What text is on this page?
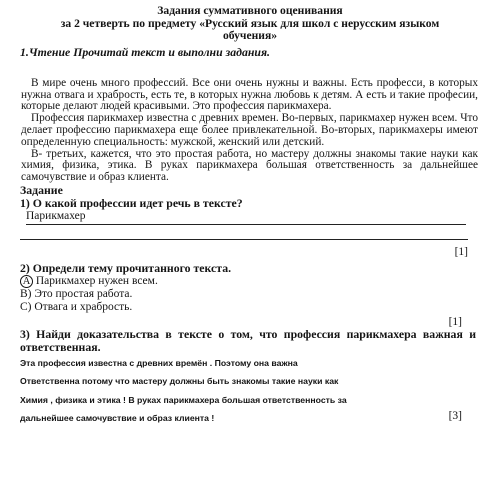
Задания суммативного оценивания
за 2 четверть по предмету «Русский язык для школ с нерусским языком
обучения»
1.Чтение Прочитай текст и выполни задания.
В мире очень много профессий. Все они очень нужны и важны. Есть професси, в которых нужна отвага и храбрость, есть те, в которых нужна любовь к детям. А есть и такие професии, которые делают людей красивыми. Это профессия парикмахера.
Профессия парикмахер известна с древних времен. Во-первых, парикмахер нужен всем. Что делает профессию парикмахера еще более привлекательной. Во-вторых, парикмахеры имеют определенную специальность: мужской, женский или детский.
В- третьих, кажется, что это простая работа, но мастеру должны знакомы такие науки как химия, физика, этика. В руках парикмахера большая ответственность за дальнейшее самочувствие и образ клиента.
Задание
1) О какой профессии идет речь в тексте?
Парикмахер
[1]
2) Определи тему прочитанного текста.
A Парикмахер нужен всем.
B) Это простая работа.
C) Отвага и храбрость.
[1]
3) Найди доказательства в тексте о том, что профессия парикмахера важная и ответственная.
Эта профессия известна с древних времён . Поэтому она важна
Ответственна потому что мастеру должны быть знакомы такие науки как
Химия , физика и этика ! В руках парикмахера большая ответственность за
дальнейшее самочувствие и образ клиента !	[3]
